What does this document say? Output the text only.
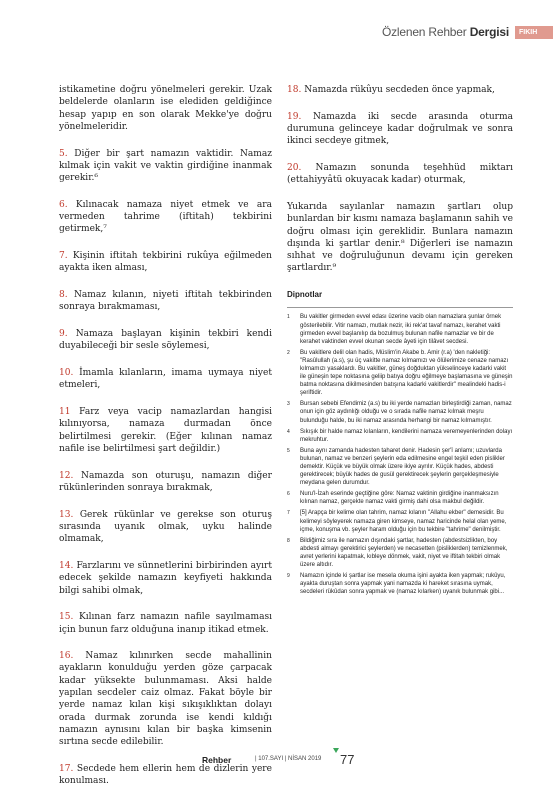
Özlenen Rehber Dergisi	FIKIH
istikametine doğru yönelmeleri gerekir. Uzak beldelerde olanların ise elediden geldiğince hesap yapıp en son olarak Mekke'ye doğru yönelmeleridir.
5. Diğer bir şart namazın vaktidir. Namaz kılmak için vakit ve vaktin girdiğine inanmak gerekir.⁶
6. Kılınacak namaza niyet etmek ve ara vermeden tahrime (iftitah) tekbirini getirmek,⁷
7. Kişinin iftitah tekbirini rukûya eğilmeden ayakta iken alması,
8. Namaz kılanın, niyeti iftitah tekbirinden sonraya bırakmaması,
9. Namaza başlayan kişinin tekbiri kendi duyabileceği bir sesle söylemesi,
10. İmamla kılanların, imama uymaya niyet etmeleri,
11 Farz veya vacip namazlardan hangisi kılınıyorsa, namaza durmadan önce belirtilmesi gerekir. (Eğer kılınan namaz nafile ise belirtilmesi şart değildir.)
12. Namazda son oturuşu, namazın diğer rükünlerinden sonraya bırakmak,
13. Gerek rükünlar ve gerekse son oturuş sırasında uyanık olmak, uyku halinde olmamak,
14. Farzlarını ve sünnetlerini birbirinden ayırt edecek şekilde namazın keyfiyeti hakkında bilgi sahibi olmak,
15. Kılınan farz namazın nafile sayılmaması için bunun farz olduğuna inanıp itikad etmek.
16. Namaz kılınırken secde mahallinin ayakların konulduğu yerden göze çarpacak kadar yüksekte bulunmaması. Aksi halde yapılan secdeler caiz olmaz. Fakat böyle bir yerde namaz kılan kişi sıkışıklıktan dolayı orada durmak zorunda ise kendi kıldığı namazın aynısını kılan bir başka kimsenin sırtına secde edilebilir.
17. Secdede hem ellerin hem de dizlerin yere konulması.
18. Namazda rükûyu secdeden önce yapmak,
19. Namazda iki secde arasında oturma durumuna gelinceye kadar doğrulmak ve sonra ikinci secdeye gitmek,
20. Namazın sonunda teşehhüd miktarı (ettahiyyâtü okuyacak kadar) oturmak,
Yukarıda sayılanlar namazın şartları olup bunlardan bir kısmı namaza başlamanın sahih ve doğru olması için gereklidir. Bunlara namazın dışında ki şartlar denir.⁸ Diğerleri ise namazın sıhhat ve doğruluğunun devamı için gereken şartlardır.⁹
Dipnotlar
1	Bu vakitler girmeden evvel edası üzerine vacib olan namazlara şunlar örnek gösterilebilir. Vitir namazı, mutlak nezir, iki rek'at tavaf namazı, kerahet vakti girmeden evvel başlanılıp da bozulmuş bulunan nafile namazlar ve bir de kerahet vaktinden evvel okunan secde âyeti için tilâvet secdesi.
2	Bu vakitlere delil olan hadis, Müslim'in Akabe b. Amir (r.a) 'den nakletiği: "Rasûlullah (a.s), şu üç vakitte namaz kılmamızı ve ölülerimize cenaze namazı kılmamızı yasaklardı. Bu vakitler, güneş doğduktan yükselinceye kadarki vakit ile güneşin tepe noktasına geliip batıya doğru eğilmeye başlamasına ve güneşin batma noktasına dikilmesinden batışına kadarki vakitlerdir" mealindeki hadis-i şeriftidir.
3	Bursan sebebi Efendimiz (a.s) bu iki yerde namazları birleştirdiği zaman, namaz onun için göz aydınlığı olduğu ve o sırada nafile namaz kılmak meşru bulunduğu halde, bu iki namaz arasında herhangi bir namaz kılmamıştır.
4	Sıkışık bir halde namaz kılanların, kendilerini namaza veremeyenlerinden dolayı mekruhtur.
5	Buna aynı zamanda hadesten taharet denir. Hadesin şer'î anlamı; uzuvlarda bulunan, namaz ve benzeri şeylerin eda edilmesine engel teşkil eden pislikler demektir. Küçük ve büyük olmak üzere ikiye ayrılır. Küçük hades, abdesti gerektirecek; büyük hades de gusül gerektirecek şeylerin gerçekleşmesiyle meydana gelen durumdur.
6	Nuru'l-İzah eserinde geçtiğine göre: Namaz vaktinin girdiğine inanmaksızın kılınan namaz, gerçekte namaz vakti girmiş dahi olsa makbul değildir.
7	[5] Arapça bir kelime olan tahrim, namaz kılanın "Allahu ekber" demesidir. Bu kelimeyi söyleyerek namaza giren kimseye, namaz haricinde helal olan yeme, içme, konuşma vb. şeyler haram olduğu için bu tekbire "tahrime" denilmiştir.
8	Bildiğimiz sıra ile namazın dışındaki şartlar, hadesten (abdestsizlikten, boy abdesti almayı gerektirici şeylerden) ve necasetten (pisliklerden) temizlenmek, avret yerlerini kapatmak, kıbleye dönmek, vakit, niyet ve iftitah tekbiri olmak üzere altıdır.
9	Namazın içinde ki şartlar ise mesela okuma işini ayakta iken yapmak; rukûyu, ayakta duruştan sonra yapmak yani namazda ki hareket sırasına uymak, secdeleri rükûdan sonra yapmak ve (namaz kılarken) uyanık bulunmak gibi...
Rehber	| 107.SAYI | NİSAN 2019 77
